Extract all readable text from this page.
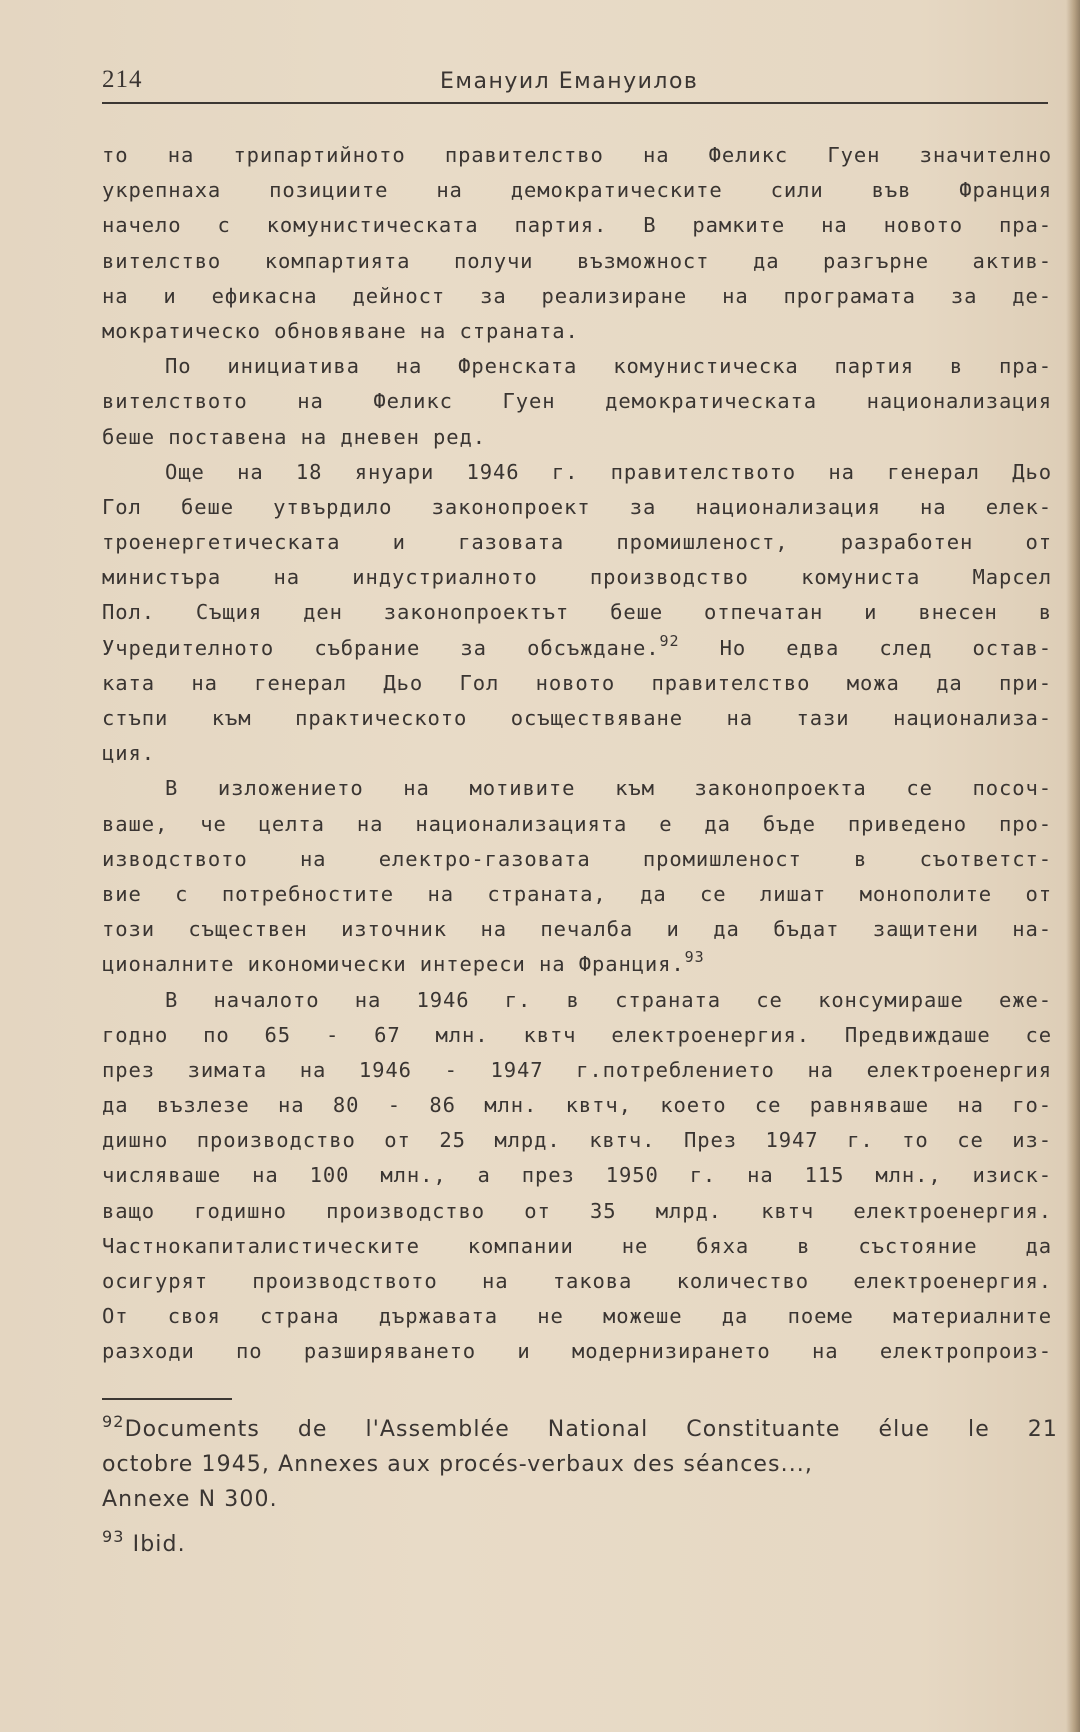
214	Емануил Емануилов
то на трипартийното правителство на Феликс Гуен значително
укрепнаха позициите на демократическите сили във Франция
начело с комунистическата партия. В рамките на новото пра-
вителство компартията получи възможност да разгърне актив-
на и ефикасна дейност за реализиране на програмата за де-
мократическо обновяване на страната.
По инициатива на Френската комунистическа партия в пра-
вителството на Феликс Гуен демократическата национализация
беше поставена на дневен ред.
Още на 18 януари 1946 г. правителството на генерал Дьо
Гол беше утвърдило законопроект за национализация на елек-
троенергетическата и газовата промишленост, разработен от
министъра на индустриалното производство комуниста Марсел
Пол. Същия ден законопроектът беше отпечатан и внесен в
Учредителното събрание за обсъждане.$^{92}$ Но едва след остав-
ката на генерал Дьо Гол новото правителство можа да при-
стъпи към практическото осъществяване на тази национализа-
ция.
В изложението на мотивите към законопроекта се посоч-
ваше, че целта на национализацията е да бъде приведено про-
изводството на електро-газовата промишленост в съответст-
вие с потребностите на страната, да се лишат монополите от
този съществен източник на печалба и да бъдат защитени на-
ционалните икономически интереси на Франция.$^{93}$
В началото на 1946 г. в страната се консумираше еже-
годно по 65 - 67 млн. квтч електроенергия. Предвиждаше се
през зимата на 1946 - 1947 г.потреблението на електроенергия
да възлезе на 80 - 86 млн. квтч, което се равняваше на го-
дишно производство от 25 млрд. квтч. През 1947 г. то се из-
числяваше на 100 млн., а през 1950 г. на 115 млн., изиск-
ващо годишно производство от 35 млрд. квтч електроенергия.
Частнокапиталистическите компании не бяха в състояние да
осигурят производството на такова количество електроенергия.
От своя страна държавата не можеше да поеме материалните
разходи по разширяването и модернизирането на електропроиз-
$^{92}$Documents de l'Assemblée National Constituante élue le 21
octobre 1945, Annexes aux procés-verbaux des séances...,
Annexe N 300.
$^{93}$ Ibid.
